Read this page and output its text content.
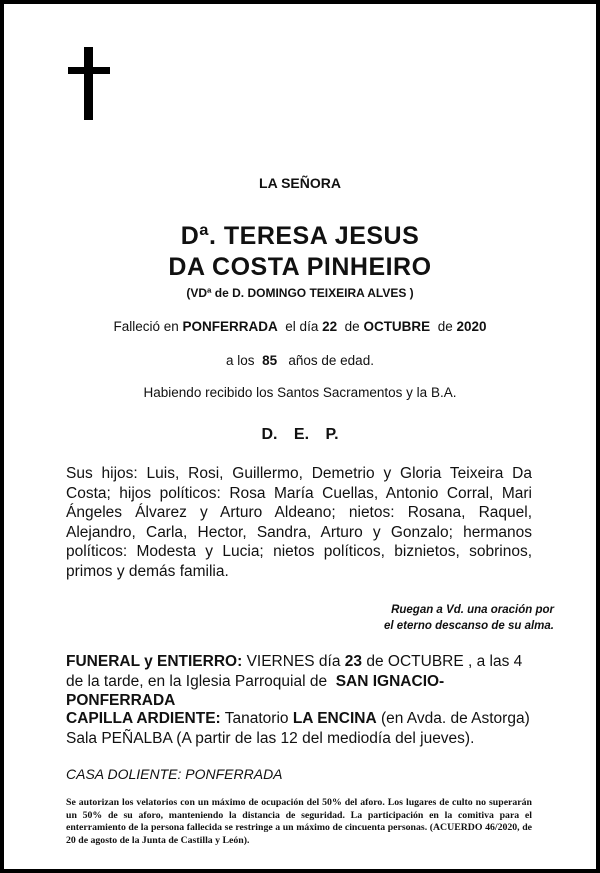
LA SEÑORA
Dª. TERESA JESUS
DA COSTA PINHEIRO
(VDª de D. DOMINGO TEIXEIRA ALVES )
Falleció en PONFERRADA el día 22 de OCTUBRE de 2020
a los 85 años de edad.
Habiendo recibido los Santos Sacramentos y la B.A.
D. E. P.
Sus hijos: Luis, Rosi, Guillermo, Demetrio y Gloria Teixeira Da Costa; hijos políticos: Rosa María Cuellas, Antonio Corral, Mari Ángeles Álvarez y Arturo Aldeano; nietos: Rosana, Raquel, Alejandro, Carla, Hector, Sandra, Arturo y Gonzalo; hermanos políticos: Modesta y Lucia; nietos políticos, biznietos, sobrinos, primos y demás familia.
Ruegan a Vd. una oración por
el eterno descanso de su alma.
FUNERAL y ENTIERRO: VIERNES día 23 de OCTUBRE , a las 4 de la tarde, en la Iglesia Parroquial de SAN IGNACIO- PONFERRADA
CAPILLA ARDIENTE: Tanatorio LA ENCINA (en Avda. de Astorga) Sala PEÑALBA (A partir de las 12 del mediodía del jueves).
CASA DOLIENTE: PONFERRADA
Se autorizan los velatorios con un máximo de ocupación del 50% del aforo. Los lugares de culto no superarán un 50% de su aforo, manteniendo la distancia de seguridad. La participación en la comitiva para el enterramiento de la persona fallecida se restringe a un máximo de cincuenta personas. (ACUERDO 46/2020, de 20 de agosto de la Junta de Castilla y León).
